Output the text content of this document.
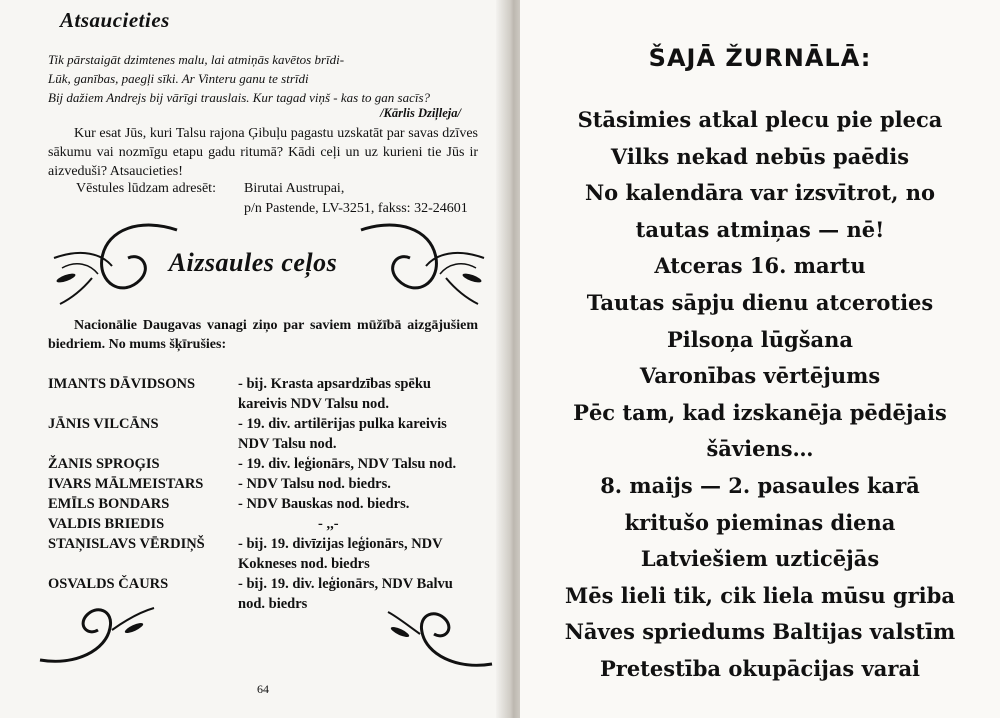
Atsaucieties
Tik pārstaigāt dzimtenes malu, lai atmiņās kavētos brīdi-
Lūk, ganības, paegļi sīki. Ar Vinteru ganu te strīdi
Bij dažiem Andrejs bij vārīgi trauslais. Kur tagad viņš - kas to gan sacīs?
/Kārlis Dziļleja/
Kur esat Jūs, kuri Talsu rajona Ģibuļu pagastu uzskatāt par savas dzīves sākumu vai nozmīgu etapu gadu ritumā? Kādi ceļi un uz kurieni tie Jūs ir aizveduši? Atsaucieties!
Vēstules lūdzam adresēt: Birutai Austrupai,
p/n Pastende, LV-3251, fakss: 32-24601
Aizsaules ceļos
Nacionālie Daugavas vanagi ziņo par saviem mūžībā aizgājušiem biedriem. No mums šķīrušies:
IMANTS DĀVIDSONS	- bij. Krasta apsardzības spēku
kareivis NDV Talsu nod.
JĀNIS VILCĀNS	- 19. div. artilērijas pulka kareivis
NDV Talsu nod.
ŽANIS SPROĢIS	- 19. div. leģionārs, NDV Talsu nod.
IVARS MĀLMEISTARS	- NDV Talsu nod. biedrs.
EMĪLS BONDARS	- NDV Bauskas nod. biedrs.
VALDIS BRIEDIS	- ,,-
STAŅISLAVS VĒRDIŅŠ	- bij. 19. divīzijas leģionārs, NDV
Kokneses nod. biedrs
OSVALDS ČAURS	- bij. 19. div. leģionārs, NDV Balvu
nod. biedrs
64
ŠAJĀ ŽURNĀLĀ:
Stāsimies atkal plecu pie pleca
Vilks nekad nebūs paēdis
No kalendāra var izsvītrot, no
tautas atmiņas — nē!
Atceras 16. martu
Tautas sāpju dienu atceroties
Pilsoņa lūgšana
Varonības vērtējums
Pēc tam, kad izskanēja pēdējais
šāviens…
8. maijs — 2. pasaules karā
kritušo pieminas diena
Latviešiem uzticējās
Mēs lieli tik, cik liela mūsu griba
Nāves spriedums Baltijas valstīm
Pretestība okupācijas varai
